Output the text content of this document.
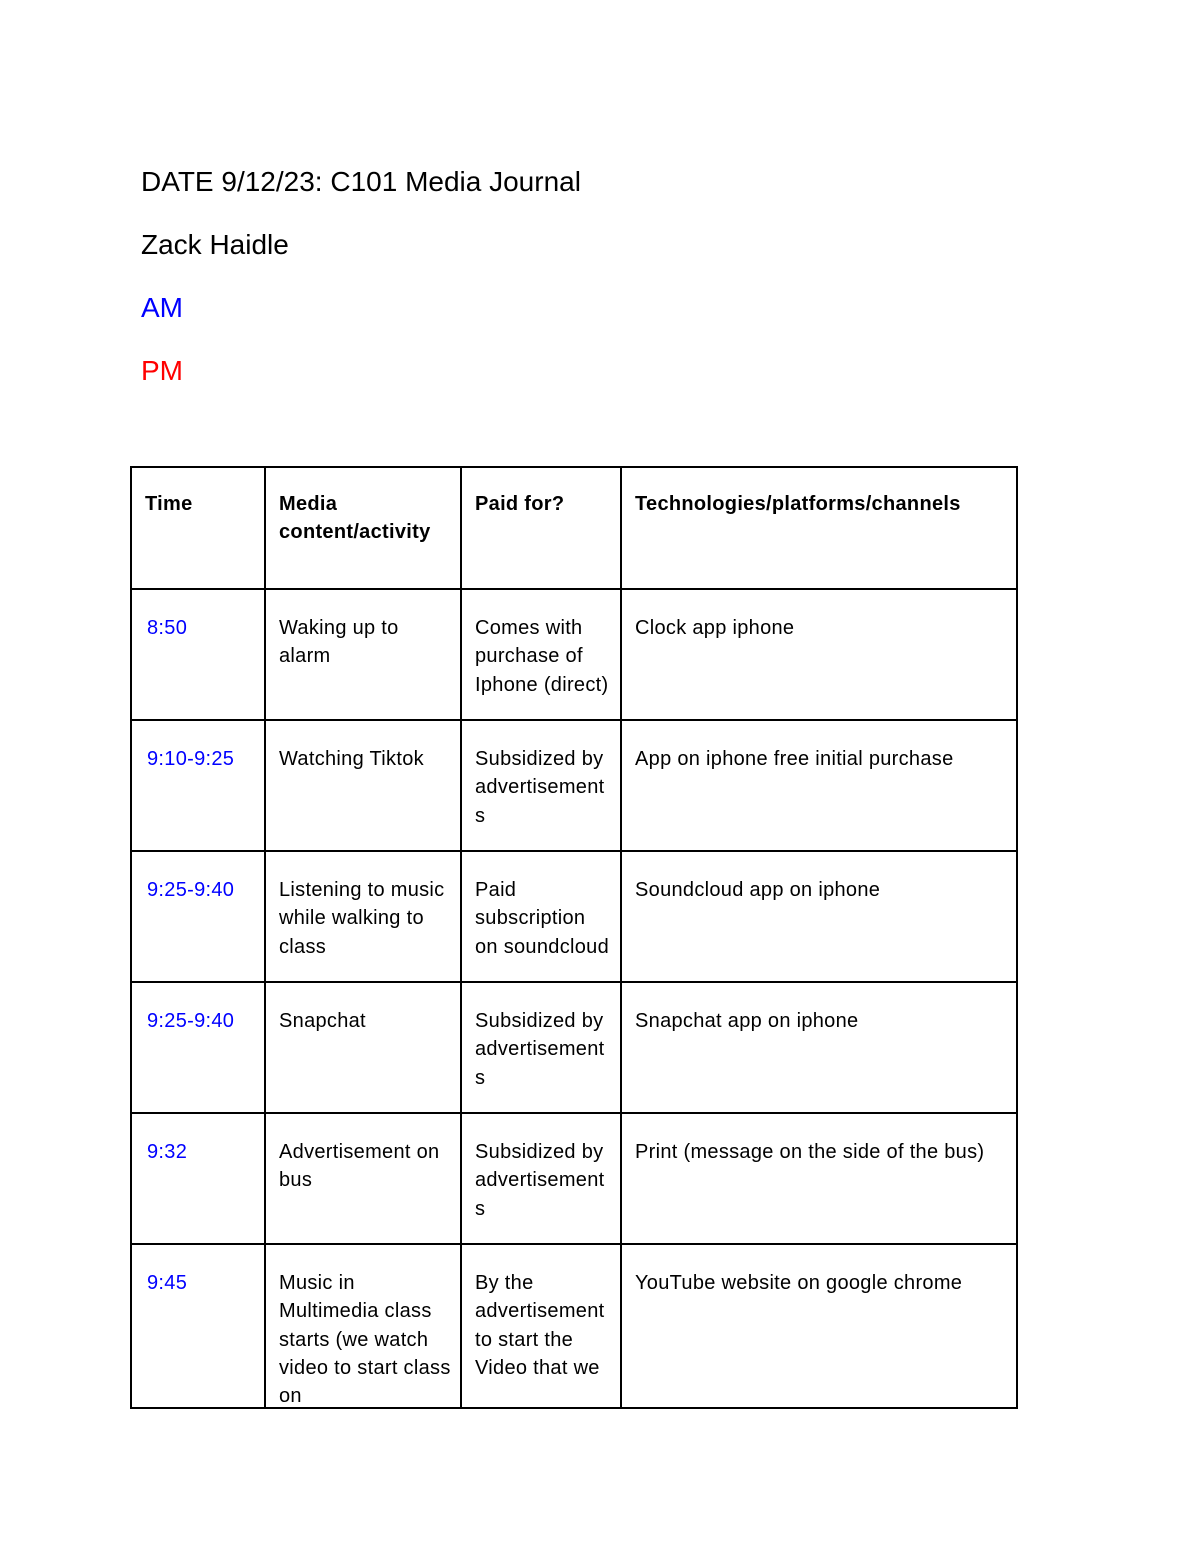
DATE 9/12/23: C101 Media Journal
Zack Haidle
AM
PM
Time	Media content/activity	Paid for?	Technologies/platforms/channels
8:50	Waking up to alarm	Comes with purchase of Iphone (direct)	Clock app iphone
9:10-9:25	Watching Tiktok	Subsidized by advertisements	App on iphone free initial purchase
9:25-9:40	Listening to music while walking to class	Paid subscription on soundcloud	Soundcloud app on iphone
9:25-9:40	Snapchat	Subsidized by advertisements	Snapchat app on iphone
9:32	Advertisement on bus	Subsidized by advertisements	Print (message on the side of the bus)
9:45	Music in Multimedia class starts (we watch video to start class on	By the advertisement to start the Video that we	YouTube website on google chrome
